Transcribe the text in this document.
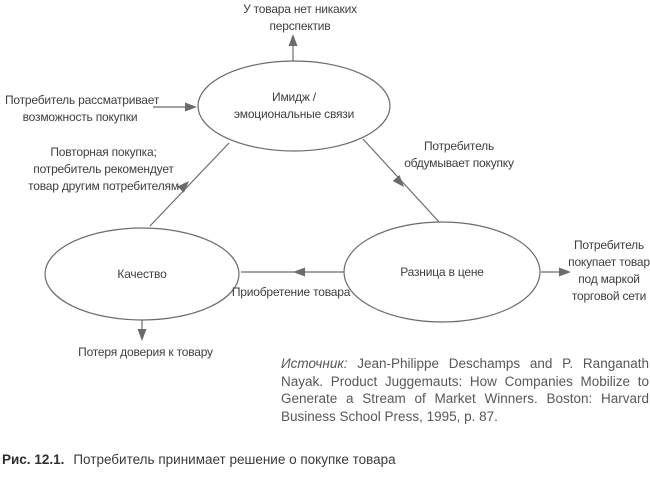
Имидж /
эмоциональные связи
Качество	Разница в цене
У товара нет никаких
перспектив
Потребитель рассматривает
возможность покупки
Повторная покупка;
потребитель рекомендует
товар другим потребителям
Потребитель
обдумывает покупку
Потребитель
покупает товар
под маркой
торговой сети
Приобретение товара
Потеря доверия к товару
Источник: Jean-Philippe Deschamps and P. Ranganath
Nayak. Product Juggemauts: How Companies Mobilize to
Generate a Stream of Market Winners. Boston: Harvard
Business School Press, 1995, p. 87.
Рис. 12.1. Потребитель принимает решение о покупке товара
